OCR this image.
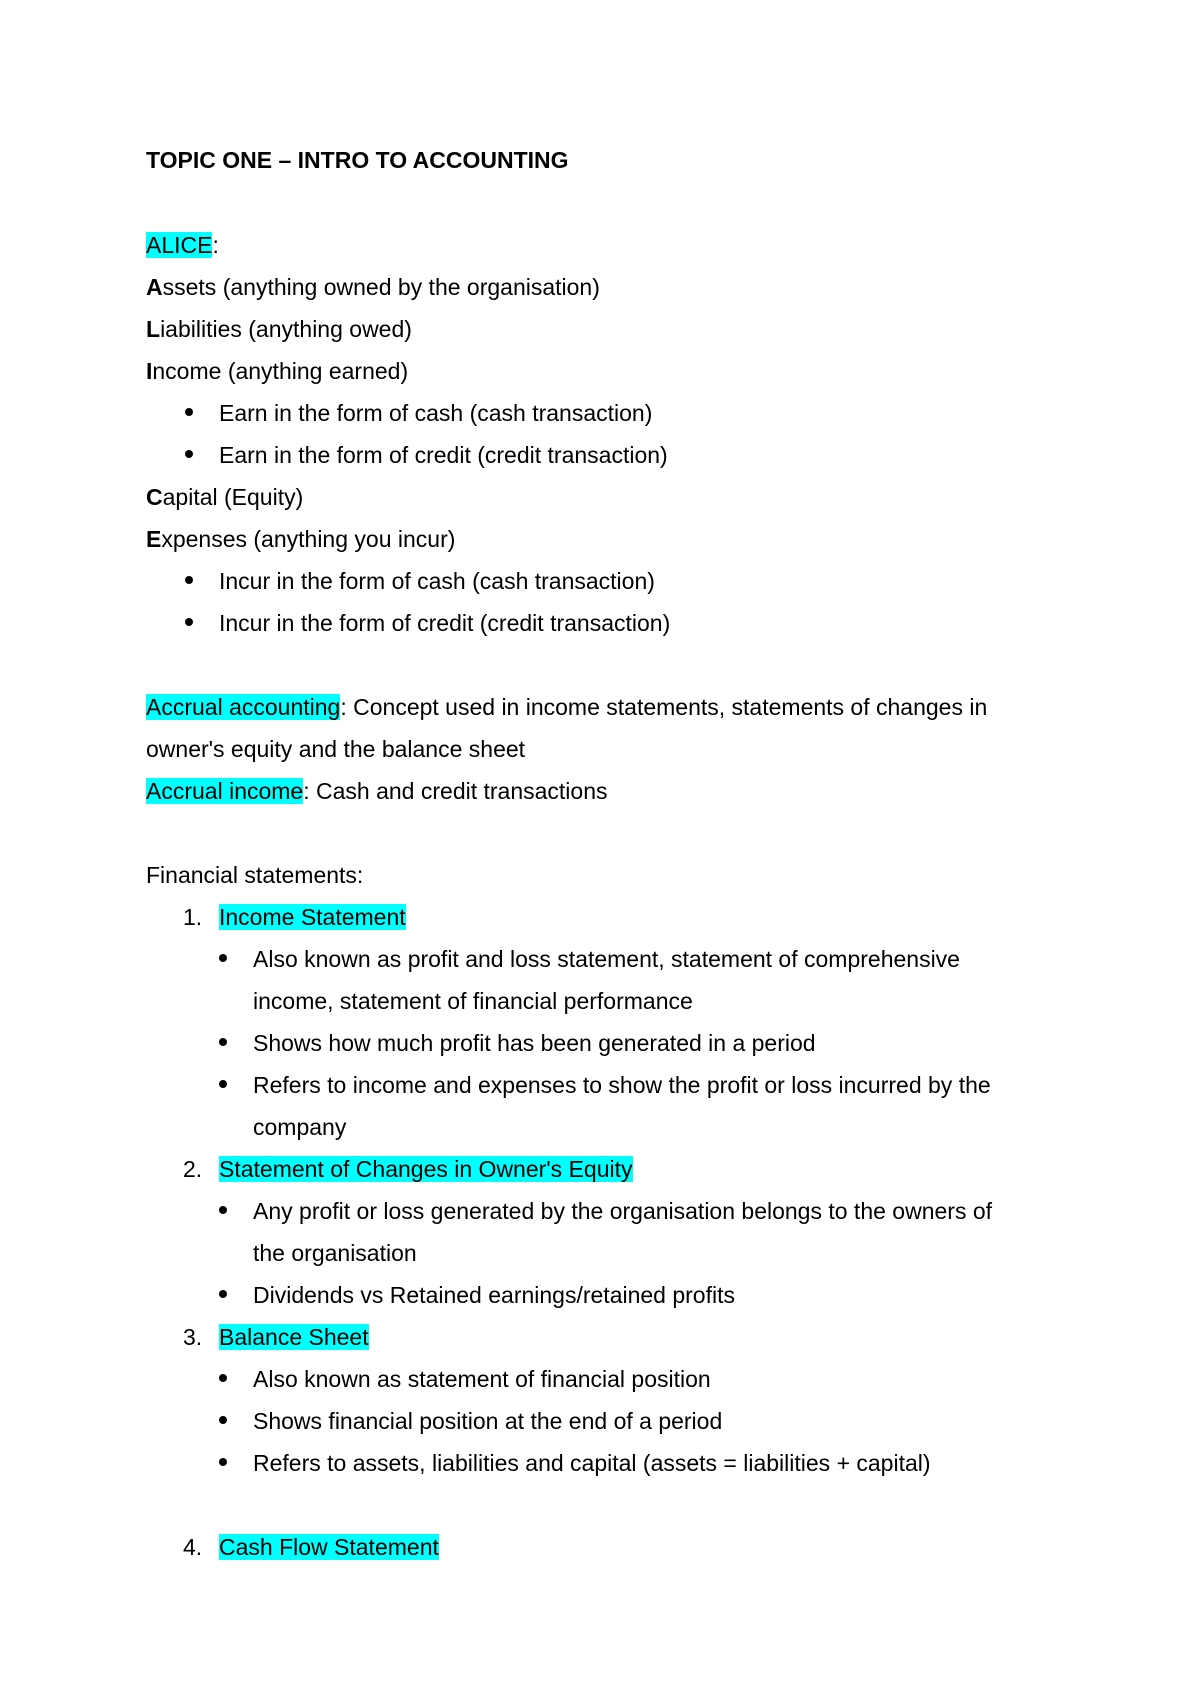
TOPIC ONE – INTRO TO ACCOUNTING
ALICE:
Assets (anything owned by the organisation)
Liabilities (anything owed)
Income (anything earned)
Earn in the form of cash (cash transaction)
Earn in the form of credit (credit transaction)
Capital (Equity)
Expenses (anything you incur)
Incur in the form of cash (cash transaction)
Incur in the form of credit (credit transaction)
Accrual accounting: Concept used in income statements, statements of changes in
owner's equity and the balance sheet
Accrual income: Cash and credit transactions
Financial statements:
1. Income Statement
Also known as profit and loss statement, statement of comprehensive
income, statement of financial performance
Shows how much profit has been generated in a period
Refers to income and expenses to show the profit or loss incurred by the
company
2. Statement of Changes in Owner's Equity
Any profit or loss generated by the organisation belongs to the owners of
the organisation
Dividends vs Retained earnings/retained profits
3. Balance Sheet
Also known as statement of financial position
Shows financial position at the end of a period
Refers to assets, liabilities and capital (assets = liabilities + capital)
4. Cash Flow Statement
